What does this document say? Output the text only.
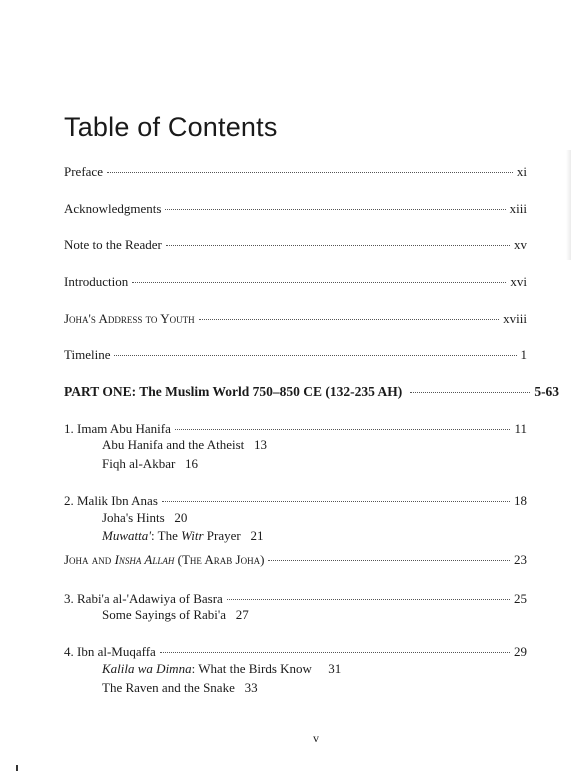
Table of Contents
Preface	xi
Acknowledgments	xiii
Note to the Reader	xv
Introduction	xvi
Joha's Address to Youth	xviii
Timeline	1
PART ONE: The Muslim World 750–850 CE (132-235 AH)	5-63
1. Imam Abu Hanifa	11
Abu Hanifa and the Atheist 13
Fiqh al-Akbar 16
2. Malik Ibn Anas	18
Joha's Hints 20
Muwatta': The Witr Prayer 21
Joha and Insha Allah (The Arab Joha)	23
3. Rabi'a al-'Adawiya of Basra	25
Some Sayings of Rabi'a 27
4. Ibn al-Muqaffa	29
Kalila wa Dimna: What the Birds Know 31
The Raven and the Snake 33
v
